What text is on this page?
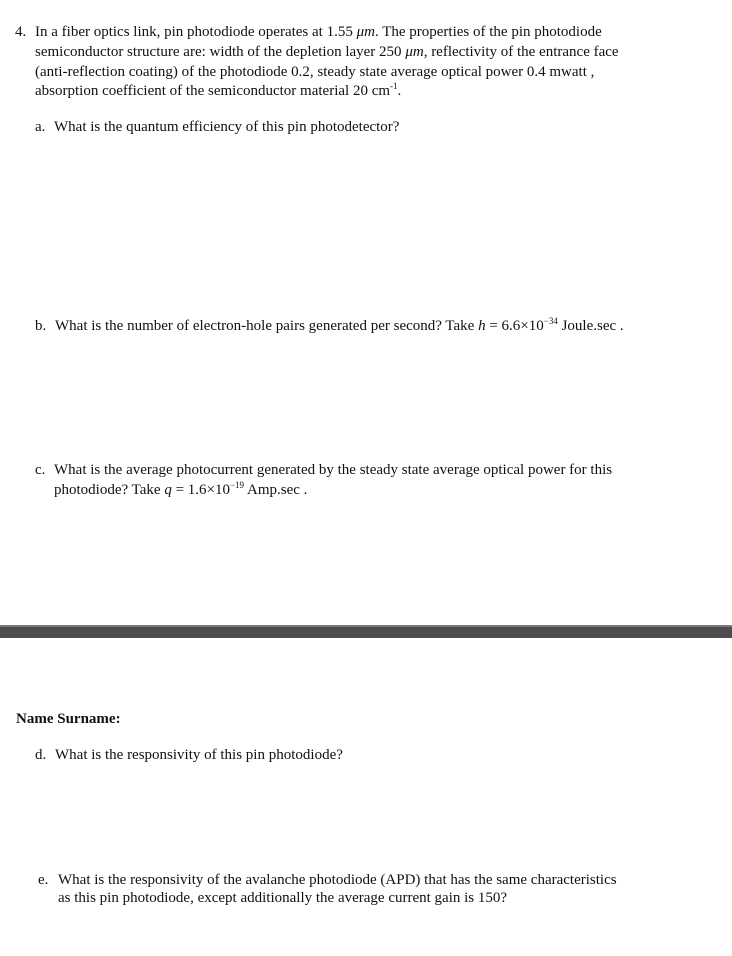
4. In a fiber optics link, pin photodiode operates at 1.55 μm. The properties of the pin photodiode
semiconductor structure are: width of the depletion layer 250 μm, reflectivity of the entrance face
(anti-reflection coating) of the photodiode 0.2, steady state average optical power 0.4 mwatt ,
absorption coefficient of the semiconductor material 20 $cm^{-1}$.
a. What is the quantum efficiency of this pin photodetector?
b. What is the number of electron-hole pairs generated per second? Take $h = 6.6\times 10^{-34}$ Joule.sec .
c. What is the average photocurrent generated by the steady state average optical power for this
photodiode? Take $q = 1.6\times 10^{-19}$ Amp.sec .
Name Surname:
d. What is the responsivity of this pin photodiode?
e. What is the responsivity of the avalanche photodiode (APD) that has the same characteristics
as this pin photodiode, except additionally the average current gain is 150?
